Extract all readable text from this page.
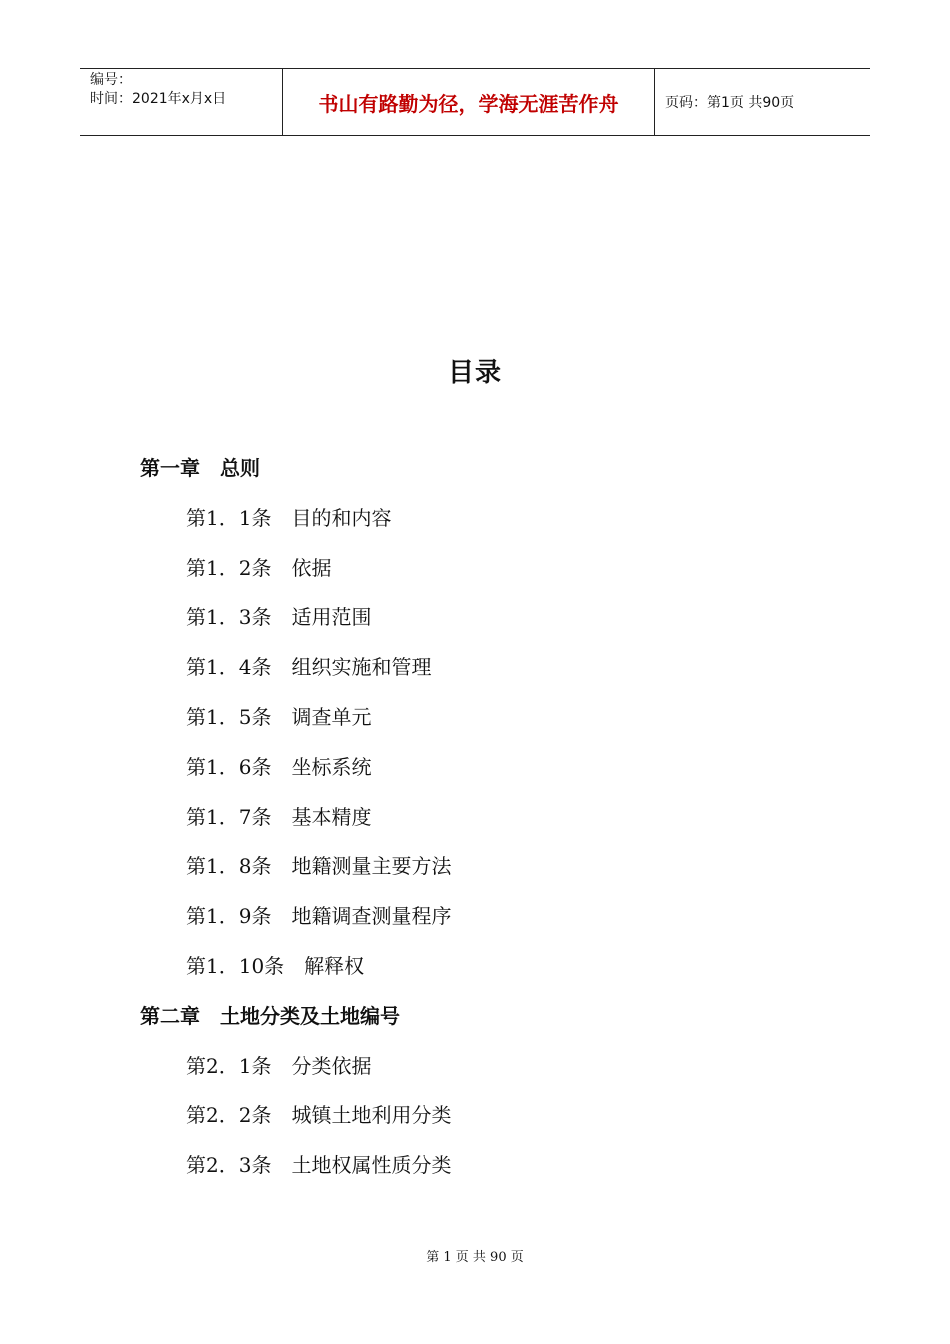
编号：
时间：2021年x月x日	书山有路勤为径，学海无涯苦作舟	页码：第1页 共90页
目录
第一章　总则
第1．1条　目的和内容
第1．2条　依据
第1．3条　适用范围
第1．4条　组织实施和管理
第1．5条　调查单元
第1．6条　坐标系统
第1．7条　基本精度
第1．8条　地籍测量主要方法
第1．9条　地籍调查测量程序
第1．10条　解释权
第二章　土地分类及土地编号
第2．1条　分类依据
第2．2条　城镇土地利用分类
第2．3条　土地权属性质分类
第 1 页 共 90 页
